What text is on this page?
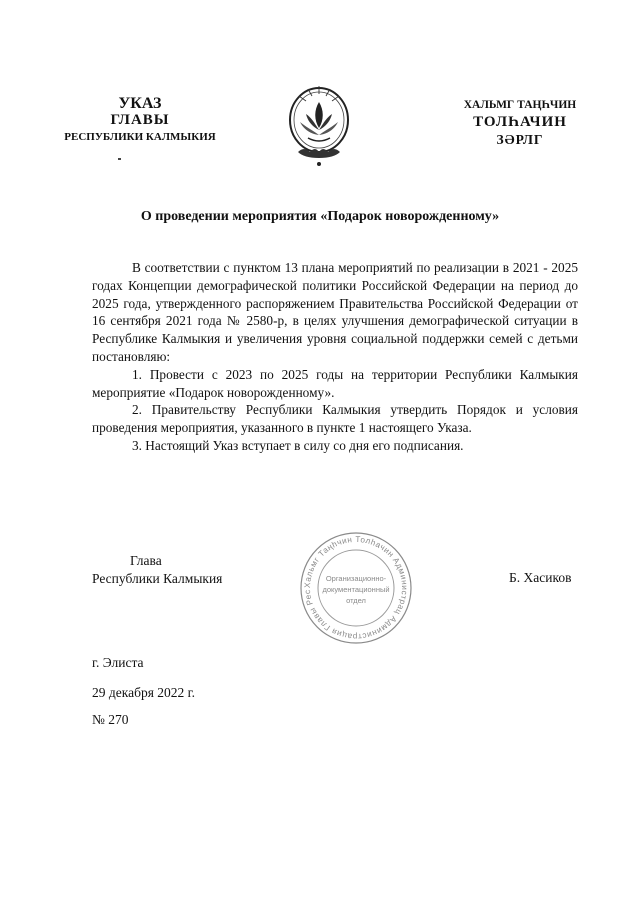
УКАЗ
ГЛАВЫ
РЕСПУБЛИКИ КАЛМЫКИЯ
ХАЛЬМГ ТАҢҺЧИН
ТОЛҺАЧИН
ЗӘРЛГ
О проведении мероприятия «Подарок новорожденному»

В соответствии с пунктом 13 плана мероприятий по реализации в 2021 - 2025 годах Концепции демографической политики Российской Федерации на период до 2025 года, утвержденного распоряжением Правительства Российской Федерации от 16 сентября 2021 года № 2580-р, в целях улучшения демографической ситуации в Республике Калмыкия и увеличения уровня социальной поддержки семей с детьми постановляю:

1. Провести с 2023 по 2025 годы на территории Республики Калмыкия мероприятие «Подарок новорожденному».

2. Правительству Республики Калмыкия утвердить Порядок и условия проведения мероприятия, указанного в пункте 1 настоящего Указа.

3. Настоящий Указ вступает в силу со дня его подписания.

Глава
Республики Калмыкия	Хальмг Таңһчин Толһачин Администрац Администрация Главы Рес
Организационно-
документационный
отдел
Б. Хасиков
г. Элиста
29 декабря 2022 г.
№ 270
